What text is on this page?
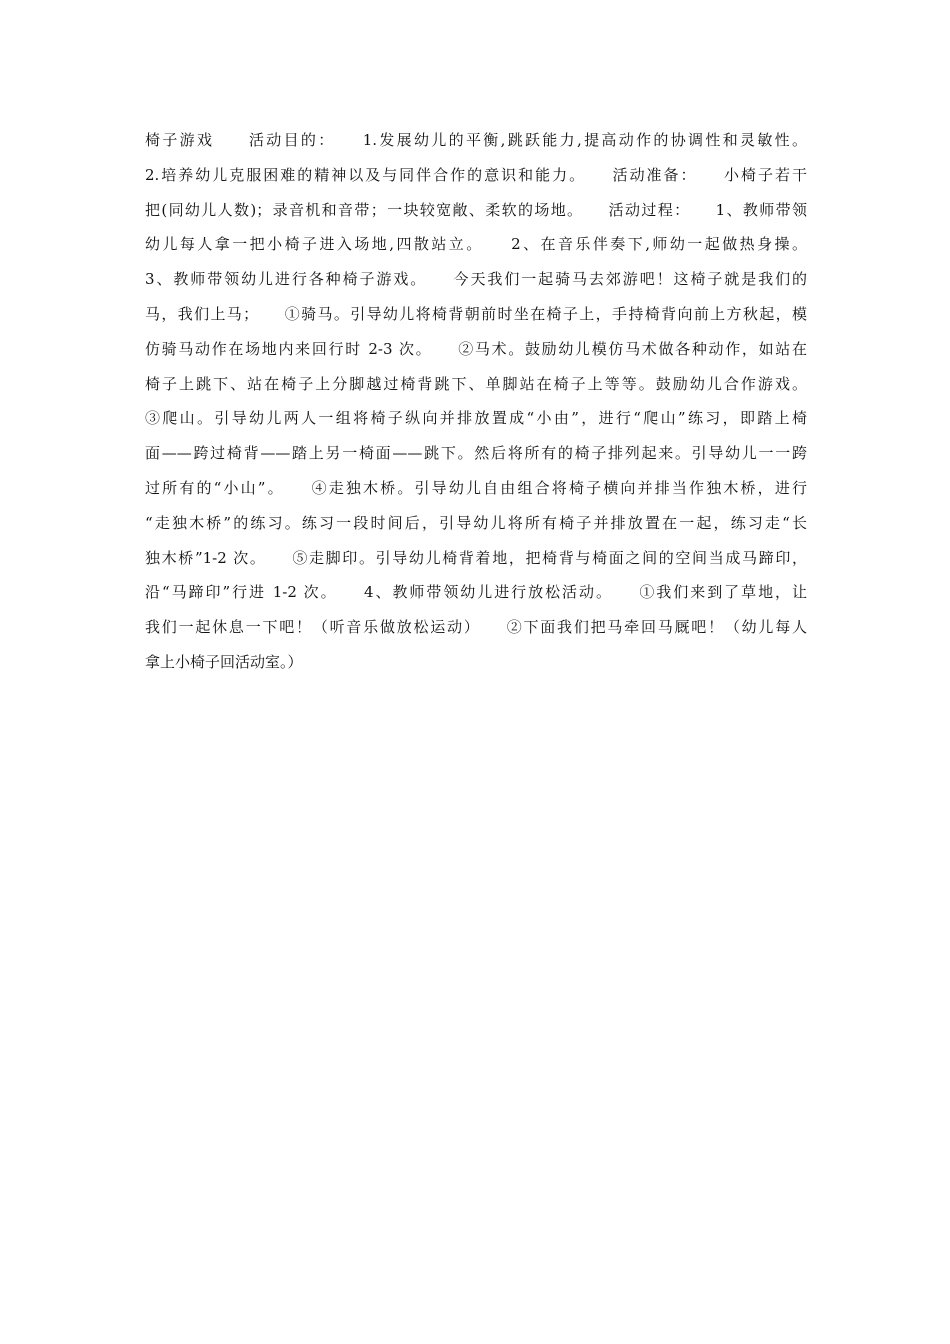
椅子游戏　　活动目的：　　1.发展幼儿的平衡,跳跃能力,提高动作的协调性和灵敏性。
2.培养幼儿克服困难的精神以及与同伴合作的意识和能力。　　活动准备：　　小椅子若干
把(同幼儿人数)；录音机和音带；一块较宽敞、柔软的场地。　　活动过程：　　1、教师带领
幼儿每人拿一把小椅子进入场地,四散站立。　　2、在音乐伴奏下,师幼一起做热身操。
3、教师带领幼儿进行各种椅子游戏。　　今天我们一起骑马去郊游吧！这椅子就是我们的
马，我们上马；　　①骑马。引导幼儿将椅背朝前时坐在椅子上，手持椅背向前上方秋起，模
仿骑马动作在场地内来回行时 2-3 次。　　②马术。鼓励幼儿模仿马术做各种动作，如站在
椅子上跳下、站在椅子上分脚越过椅背跳下、单脚站在椅子上等等。鼓励幼儿合作游戏。
③爬山。引导幼儿两人一组将椅子纵向并排放置成“小由”，进行“爬山”练习，即踏上椅
面——跨过椅背——踏上另一椅面——跳下。然后将所有的椅子排列起来。引导幼儿一一跨
过所有的“小山”。　　④走独木桥。引导幼儿自由组合将椅子横向并排当作独木桥，进行
“走独木桥”的练习。练习一段时间后，引导幼儿将所有椅子并排放置在一起，练习走“长
独木桥”1-2 次。　　⑤走脚印。引导幼儿椅背着地，把椅背与椅面之间的空间当成马蹄印，
沿“马蹄印”行进 1-2 次。　　4、教师带领幼儿进行放松活动。　　①我们来到了草地，让
我们一起休息一下吧！（听音乐做放松运动）　　②下面我们把马牵回马厩吧！（幼儿每人
拿上小椅子回活动室。）
